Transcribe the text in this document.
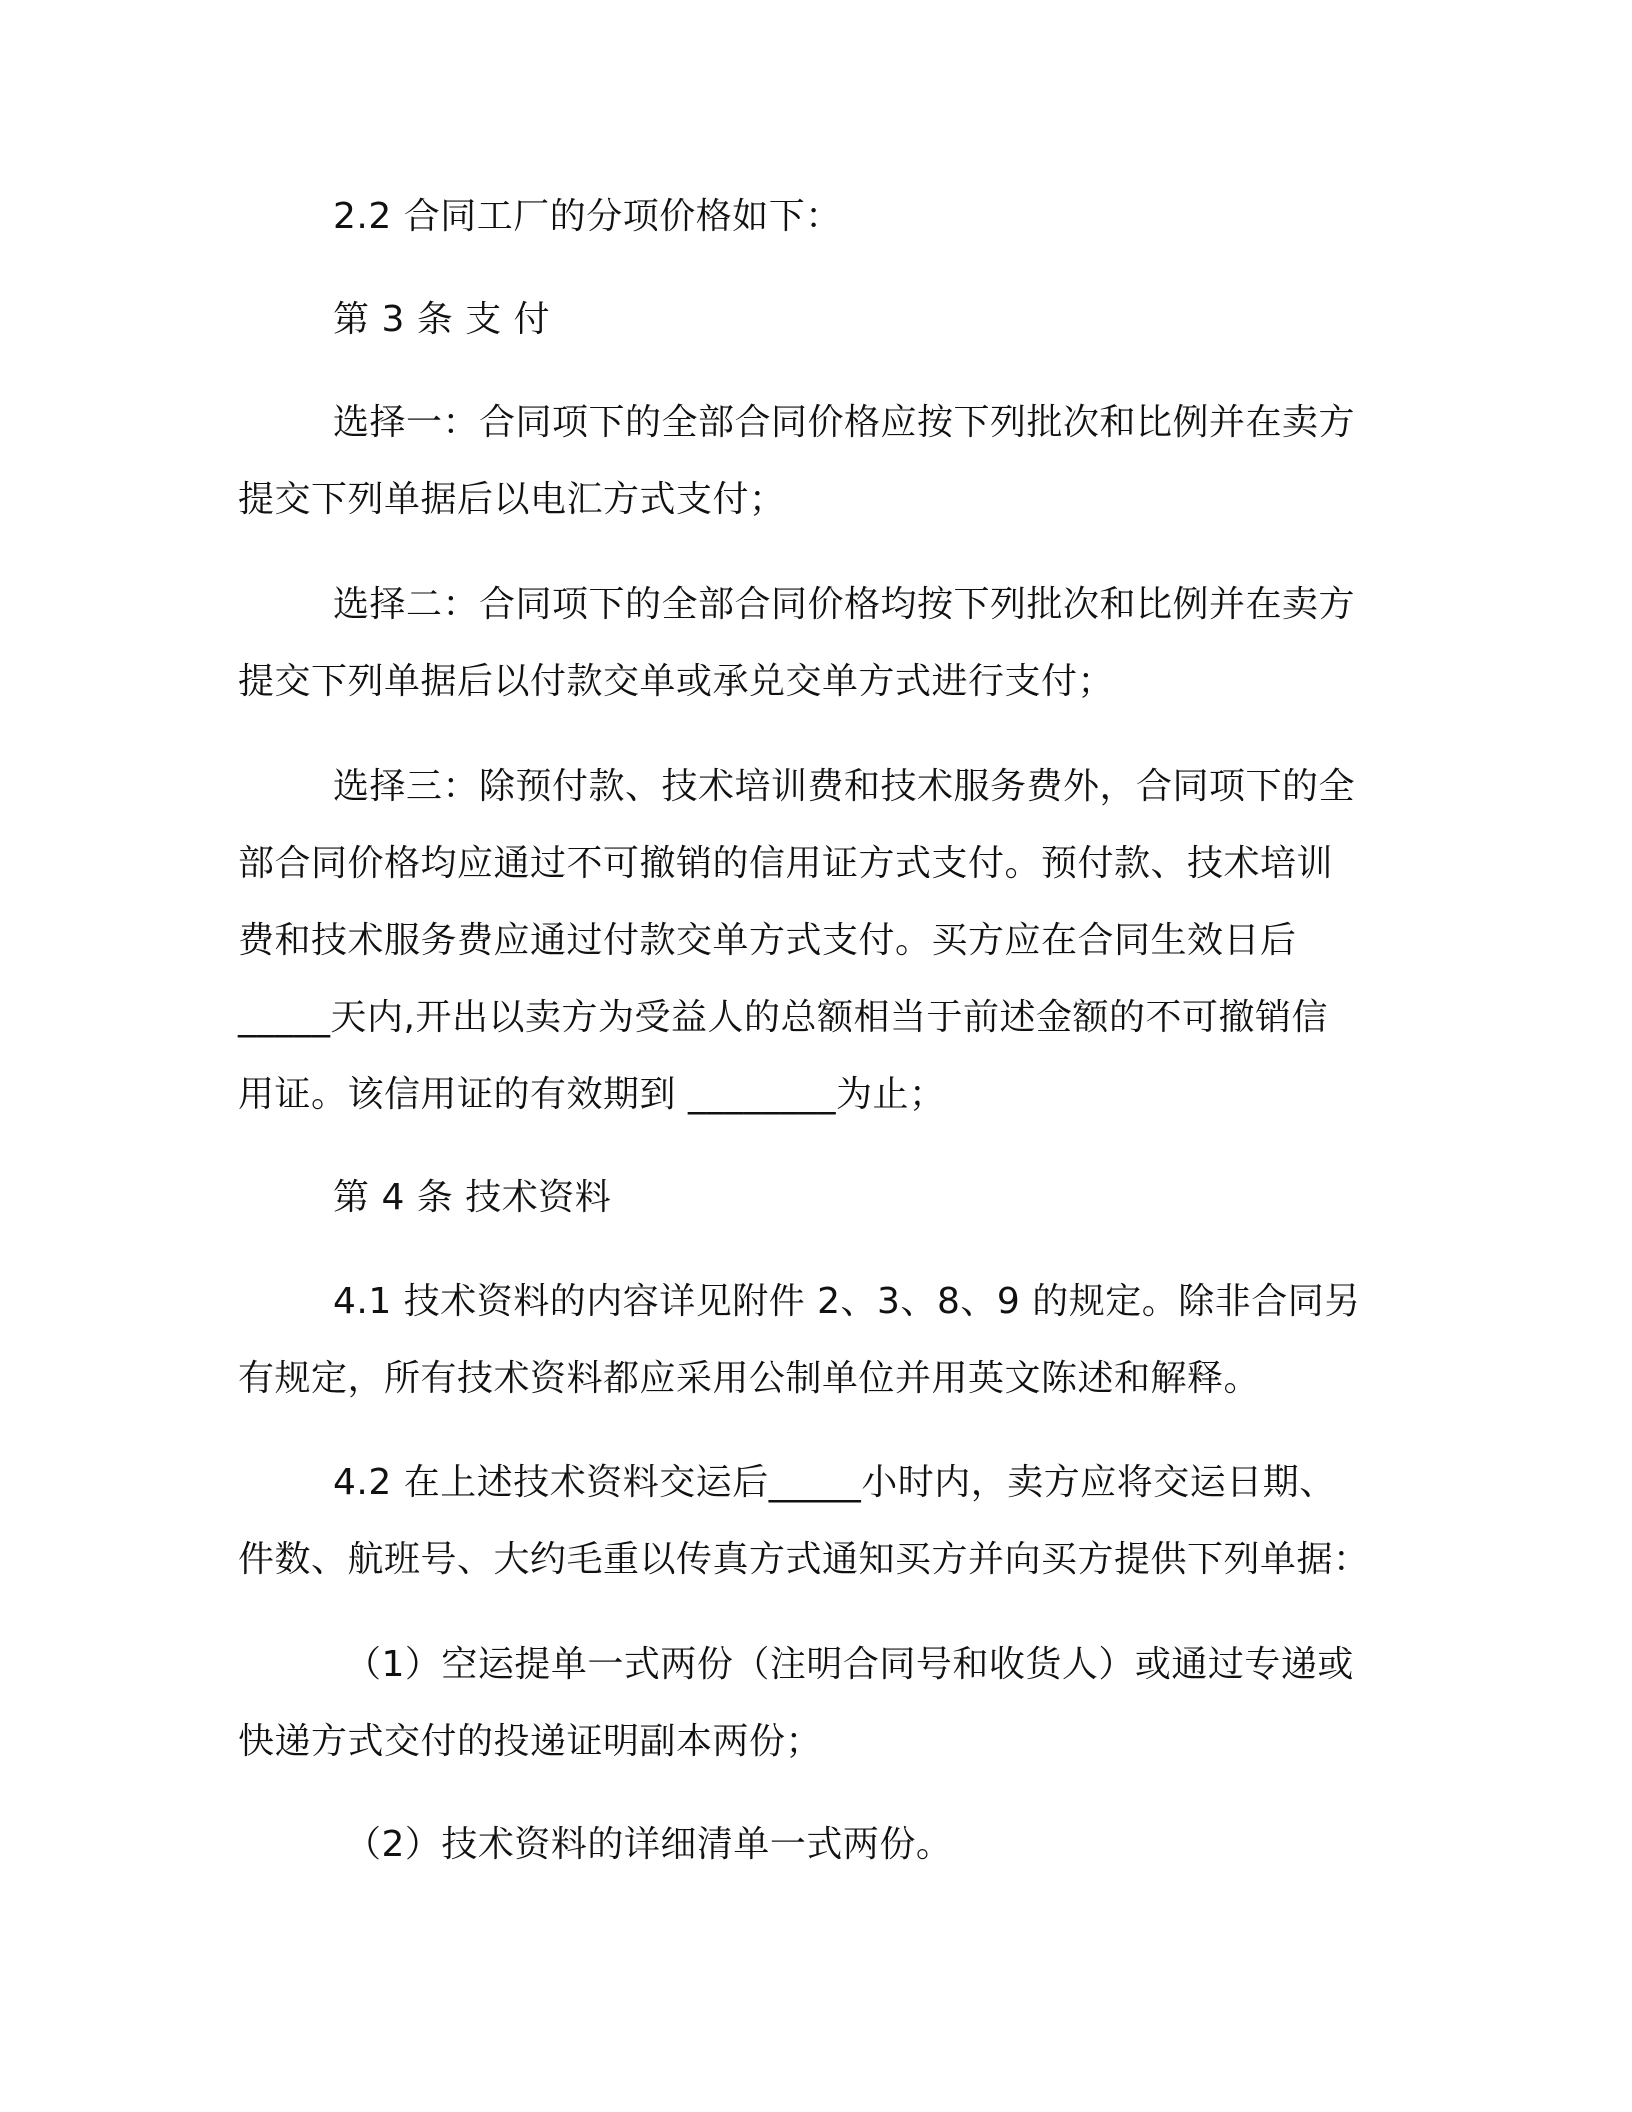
2.2 合同工厂的分项价格如下：
第 3 条 支 付
选择一：合同项下的全部合同价格应按下列批次和比例并在卖方
提交下列单据后以电汇方式支付；
选择二：合同项下的全部合同价格均按下列批次和比例并在卖方
提交下列单据后以付款交单或承兑交单方式进行支付；
选择三：除预付款、技术培训费和技术服务费外，合同项下的全
部合同价格均应通过不可撤销的信用证方式支付。预付款、技术培训
费和技术服务费应通过付款交单方式支付。买方应在合同生效日后
_____天内,开出以卖方为受益人的总额相当于前述金额的不可撤销信
用证。该信用证的有效期到 ________为止；
第 4 条 技术资料
4.1 技术资料的内容详见附件 2、3、8、9 的规定。除非合同另
有规定，所有技术资料都应采用公制单位并用英文陈述和解释。
4.2 在上述技术资料交运后_____小时内，卖方应将交运日期、
件数、航班号、大约毛重以传真方式通知买方并向买方提供下列单据：
（1）空运提单一式两份（注明合同号和收货人）或通过专递或
快递方式交付的投递证明副本两份；
（2）技术资料的详细清单一式两份。
